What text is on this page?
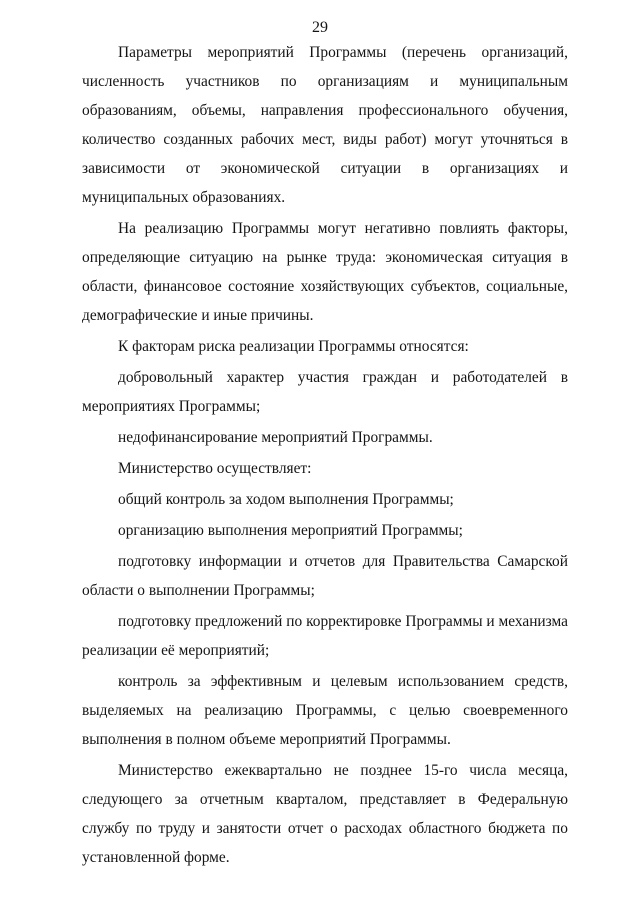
29

Параметры мероприятий Программы (перечень организаций, численность участников по организациям и муниципальным образованиям, объемы, направления профессионального обучения, количество созданных рабочих мест, виды работ) могут уточняться в зависимости от экономической ситуации в организациях и муниципальных образованиях.

На реализацию Программы могут негативно повлиять факторы, определяющие ситуацию на рынке труда: экономическая ситуация в области, финансовое состояние хозяйствующих субъектов, социальные, демографические и иные причины.

К факторам риска реализации Программы относятся:

добровольный характер участия граждан и работодателей в мероприятиях Программы;

недофинансирование мероприятий Программы.

Министерство осуществляет:

общий контроль за ходом выполнения Программы;

организацию выполнения мероприятий Программы;

подготовку информации и отчетов для Правительства Самарской области о выполнении Программы;

подготовку предложений по корректировке Программы и механизма реализации её мероприятий;

контроль за эффективным и целевым использованием средств, выделяемых на реализацию Программы, с целью своевременного выполнения в полном объеме мероприятий Программы.

Министерство ежеквартально не позднее 15-го числа месяца, следующего за отчетным кварталом, представляет в Федеральную службу по труду и занятости отчет о расходах областного бюджета по установленной форме.
